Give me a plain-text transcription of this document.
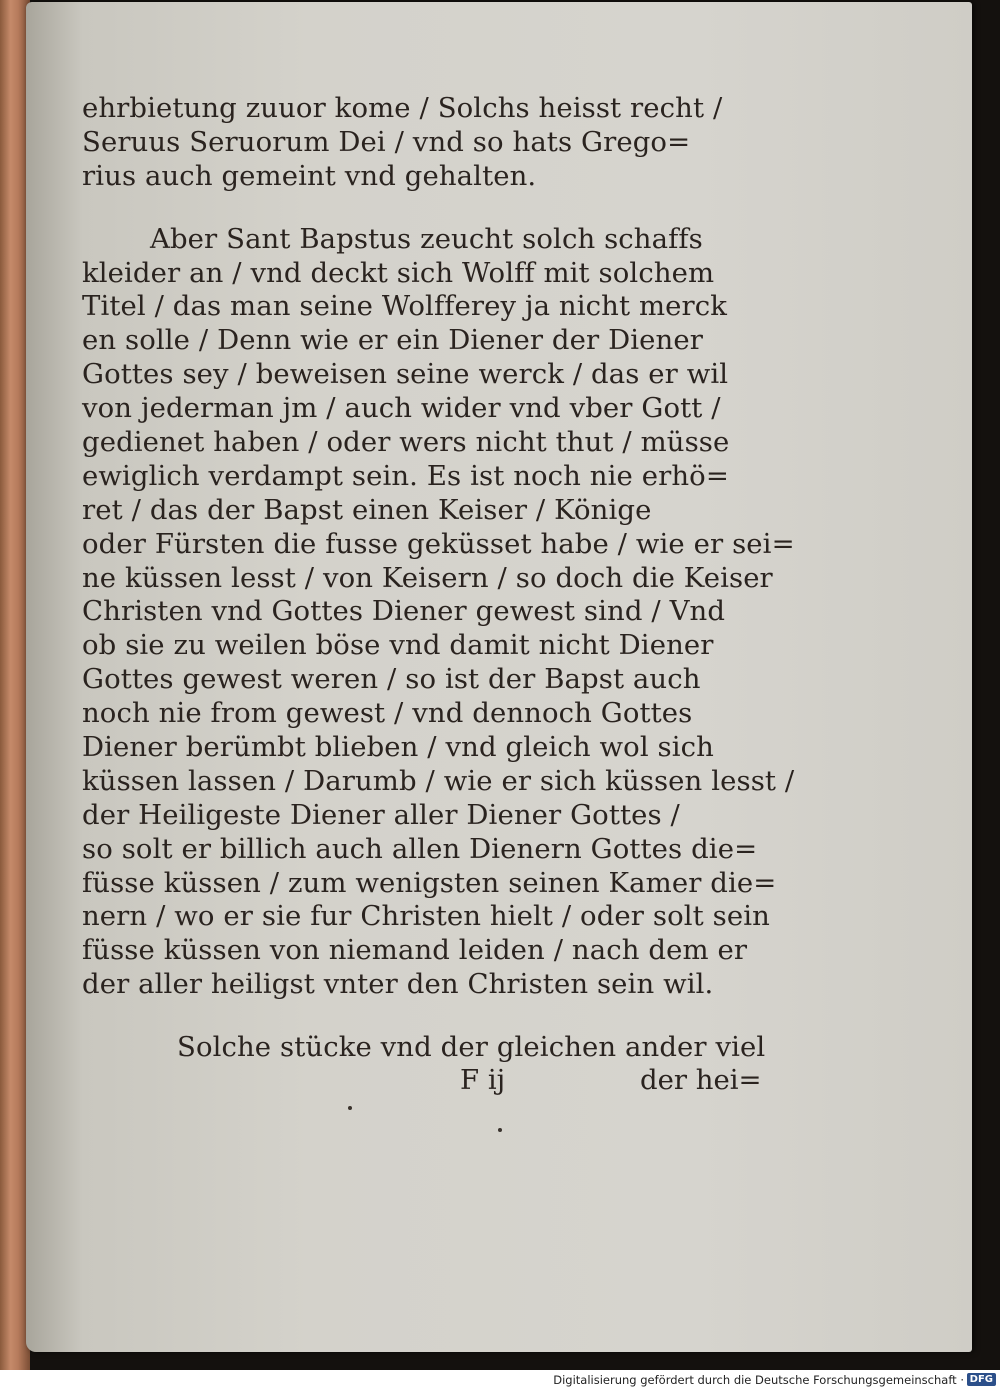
ehrbietung zuuor kome / Solchs heisst recht /
Seruus Seruorum Dei / vnd so hats Grego=
rius auch gemeint vnd gehalten.
Aber Sant Bapstus zeucht solch schaffs
kleider an / vnd deckt sich Wolff mit solchem
Titel / das man seine Wolfferey ja nicht merck
en solle / Denn wie er ein Diener der Diener
Gottes sey / beweisen seine werck / das er wil
von jederman jm / auch wider vnd vber Gott /
gedienet haben / oder wers nicht thut / müsse
ewiglich verdampt sein. Es ist noch nie erhö=
ret / das der Bapst einen Keiser / Könige
oder Fürsten die fusse geküsset habe / wie er sei=
ne küssen lesst / von Keisern / so doch die Keiser
Christen vnd Gottes Diener gewest sind / Vnd
ob sie zu weilen böse vnd damit nicht Diener
Gottes gewest weren / so ist der Bapst auch
noch nie from gewest / vnd dennoch Gottes
Diener berümbt blieben / vnd gleich wol sich
küssen lassen / Darumb / wie er sich küssen lesst /
der Heiligeste Diener aller Diener Gottes /
so solt er billich auch allen Dienern Gottes die=
füsse küssen / zum wenigsten seinen Kamer die=
nern / wo er sie fur Christen hielt / oder solt sein
füsse küssen von niemand leiden / nach dem er
der aller heiligst vnter den Christen sein wil.
Solche stücke vnd der gleichen ander viel
F ij	der hei=
Digitalisierung gefördert durch die Deutsche Forschungsgemeinschaft · DFG
